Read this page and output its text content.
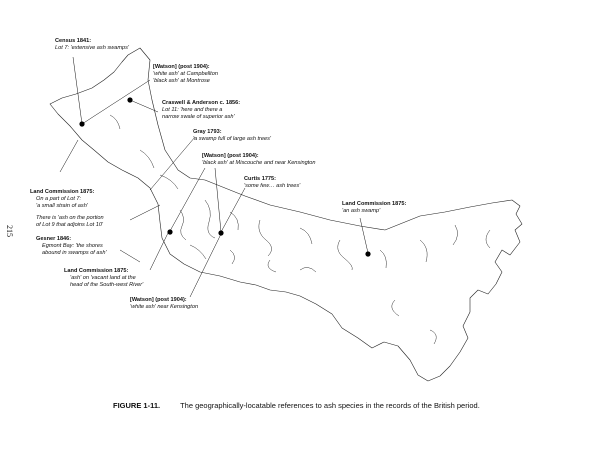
Census 1841:
Lot 7: 'extensive ash swamps'
[Watson] (post 1904):
'white ash' at Campbellton
'black ash' at Montrose
Craswell & Anderson c. 1856:
Lot 11: 'here and there a
narrow swale of superior ash'
Gray 1793:
'a swamp full of large ash trees'
[Watson] (post 1904):
'black ash' at Miscouche and near Kensington
Curtis 1775:
'some few… ash trees'
Land Commission 1875:
On a part of Lot 7:
'a small strain of ash'
There is 'ash on the portion
of Lot 9 that adjoins Lot 10'
Land Commission 1875:
'an ash swamp'
Gesner 1846:
Egmont Bay: 'the shores
abound in swamps of ash'
Land Commission 1875:
'ash' on 'vacant land at the
head of the South-west River'
[Watson] (post 1904):
'white ash' near Kensington
215
FIGURE 1-11.	The geographically-locatable references to ash species in the records of the British period.
